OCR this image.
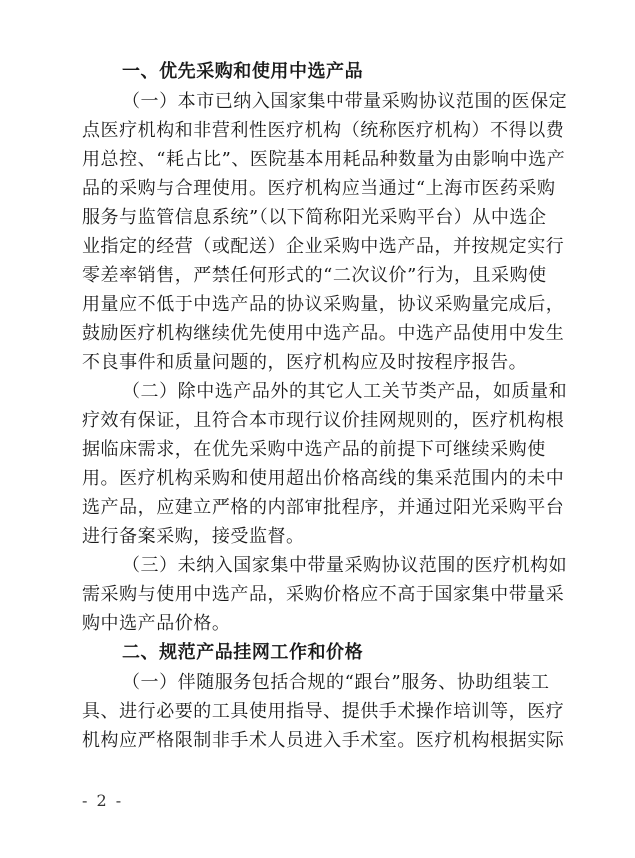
一、优先采购和使用中选产品
（一）本市已纳入国家集中带量采购协议范围的医保定
点医疗机构和非营利性医疗机构（统称医疗机构）不得以费
用总控、“耗占比”、医院基本用耗品种数量为由影响中选产
品的采购与合理使用。医疗机构应当通过“上海市医药采购
服务与监管信息系统”（以下简称阳光采购平台）从中选企
业指定的经营（或配送）企业采购中选产品，并按规定实行
零差率销售，严禁任何形式的“二次议价”行为，且采购使
用量应不低于中选产品的协议采购量，协议采购量完成后，
鼓励医疗机构继续优先使用中选产品。中选产品使用中发生
不良事件和质量问题的，医疗机构应及时按程序报告。
（二）除中选产品外的其它人工关节类产品，如质量和
疗效有保证，且符合本市现行议价挂网规则的，医疗机构根
据临床需求，在优先采购中选产品的前提下可继续采购使
用。医疗机构采购和使用超出价格高线的集采范围内的未中
选产品，应建立严格的内部审批程序，并通过阳光采购平台
进行备案采购，接受监督。
（三）未纳入国家集中带量采购协议范围的医疗机构如
需采购与使用中选产品，采购价格应不高于国家集中带量采
购中选产品价格。
二、规范产品挂网工作和价格
（一）伴随服务包括合规的“跟台”服务、协助组装工
具、进行必要的工具使用指导、提供手术操作培训等，医疗
机构应严格限制非手术人员进入手术室。医疗机构根据实际
- 2 -
